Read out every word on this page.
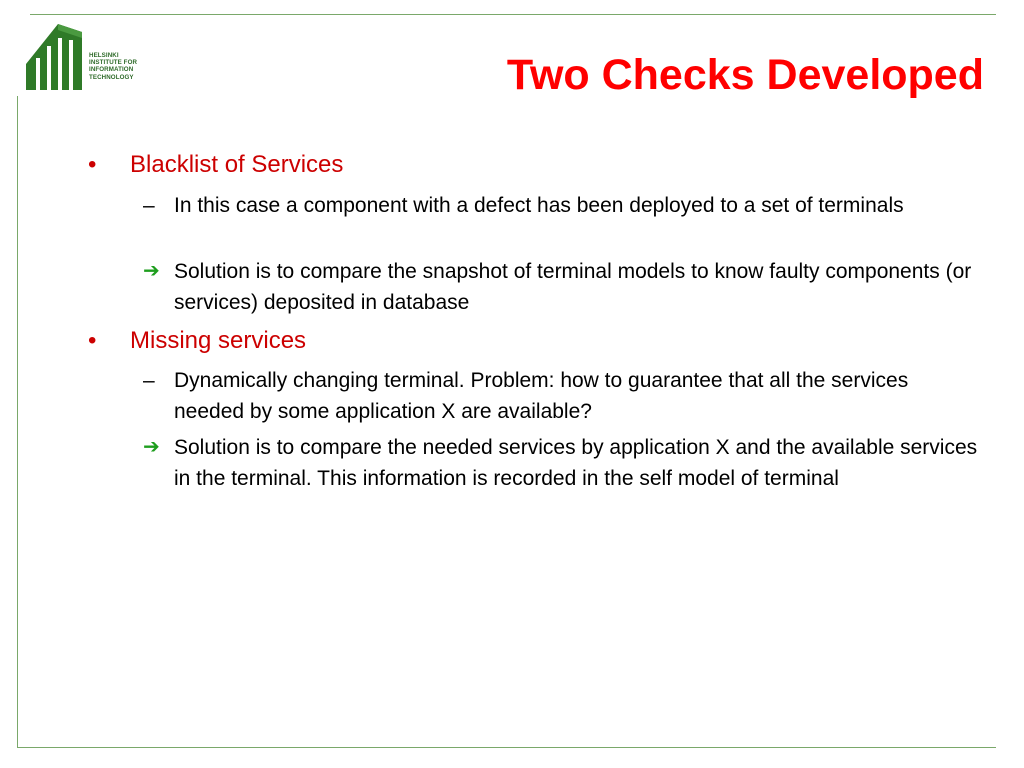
HELSINKI
INSTITUTE FOR
INFORMATION
TECHNOLOGY	Two Checks Developed
•	Blacklist of Services
– In this case a component with a defect has been deployed to a set of terminals
➔ Solution is to compare the snapshot of terminal models to know faulty components (or services) deposited in database
•	Missing services
– Dynamically changing terminal. Problem: how to guarantee that all the services needed by some application X are available?
➔ Solution is to compare the needed services by application X and the available services in the terminal. This information is recorded in the self model of terminal
